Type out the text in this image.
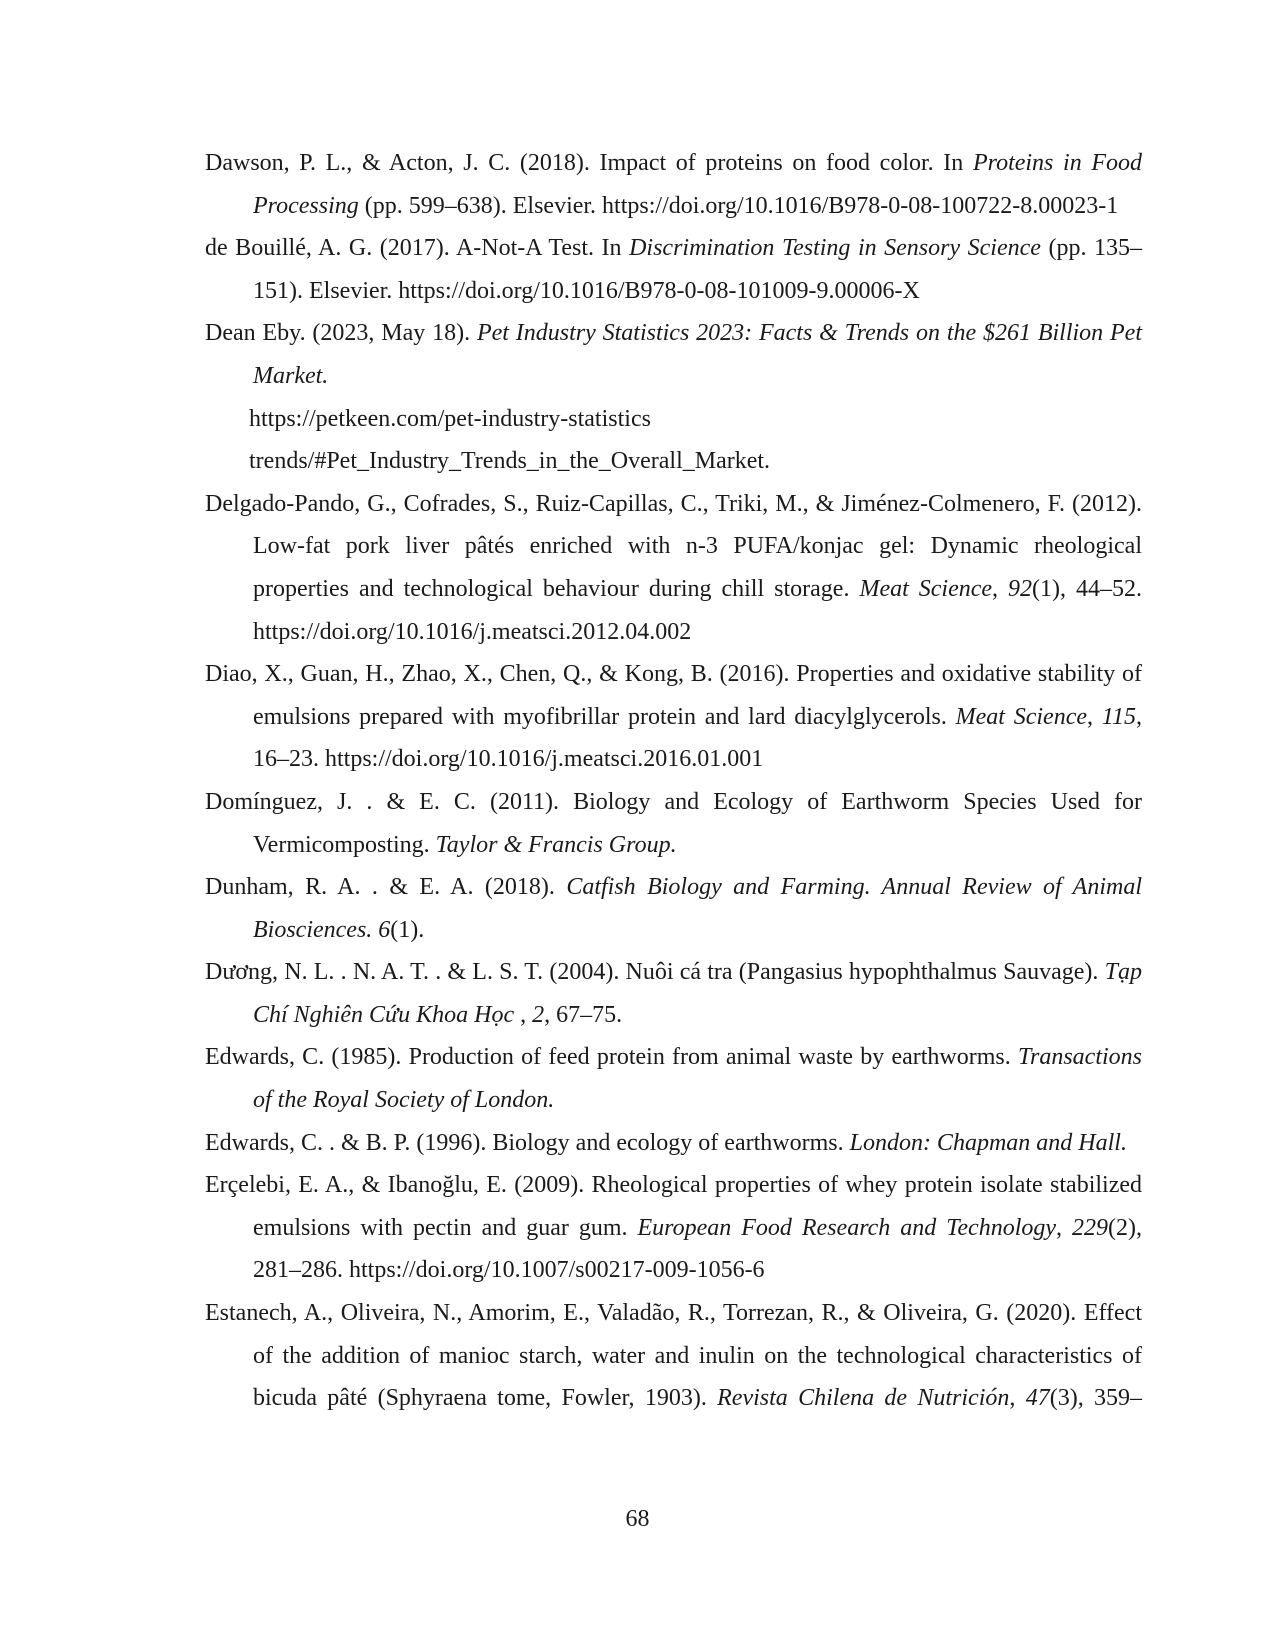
Dawson, P. L., & Acton, J. C. (2018). Impact of proteins on food color. In Proteins in Food Processing (pp. 599–638). Elsevier. https://doi.org/10.1016/B978-0-08-100722-8.00023-1

de Bouillé, A. G. (2017). A-Not-A Test. In Discrimination Testing in Sensory Science (pp. 135–151). Elsevier. https://doi.org/10.1016/B978-0-08-101009-9.00006-X

Dean Eby. (2023, May 18). Pet Industry Statistics 2023: Facts & Trends on the $261 Billion Pet Market.
https://petkeen.com/pet-industry-statistics
trends/#Pet_Industry_Trends_in_the_Overall_Market.

Delgado-Pando, G., Cofrades, S., Ruiz-Capillas, C., Triki, M., & Jiménez-Colmenero, F. (2012). Low-fat pork liver pâtés enriched with n-3 PUFA/konjac gel: Dynamic rheological properties and technological behaviour during chill storage. Meat Science, 92(1), 44–52. https://doi.org/10.1016/j.meatsci.2012.04.002

Diao, X., Guan, H., Zhao, X., Chen, Q., & Kong, B. (2016). Properties and oxidative stability of emulsions prepared with myofibrillar protein and lard diacylglycerols. Meat Science, 115, 16–23. https://doi.org/10.1016/j.meatsci.2016.01.001

Domínguez, J. . & E. C. (2011). Biology and Ecology of Earthworm Species Used for Vermicomposting. Taylor & Francis Group.

Dunham, R. A. . & E. A. (2018). Catfish Biology and Farming. Annual Review of Animal Biosciences. 6(1).

Dương, N. L. . N. A. T. . & L. S. T. (2004). Nuôi cá tra (Pangasius hypophthalmus Sauvage). Tạp Chí Nghiên Cứu Khoa Học , 2, 67–75.

Edwards, C. (1985). Production of feed protein from animal waste by earthworms. Transactions of the Royal Society of London.

Edwards, C. . & B. P. (1996). Biology and ecology of earthworms. London: Chapman and Hall.

Erçelebi, E. A., & Ibanoğlu, E. (2009). Rheological properties of whey protein isolate stabilized emulsions with pectin and guar gum. European Food Research and Technology, 229(2), 281–286. https://doi.org/10.1007/s00217-009-1056-6

Estanech, A., Oliveira, N., Amorim, E., Valadão, R., Torrezan, R., & Oliveira, G. (2020). Effect of the addition of manioc starch, water and inulin on the technological characteristics of bicuda pâté (Sphyraena tome, Fowler, 1903). Revista Chilena de Nutrición, 47(3), 359–

68
